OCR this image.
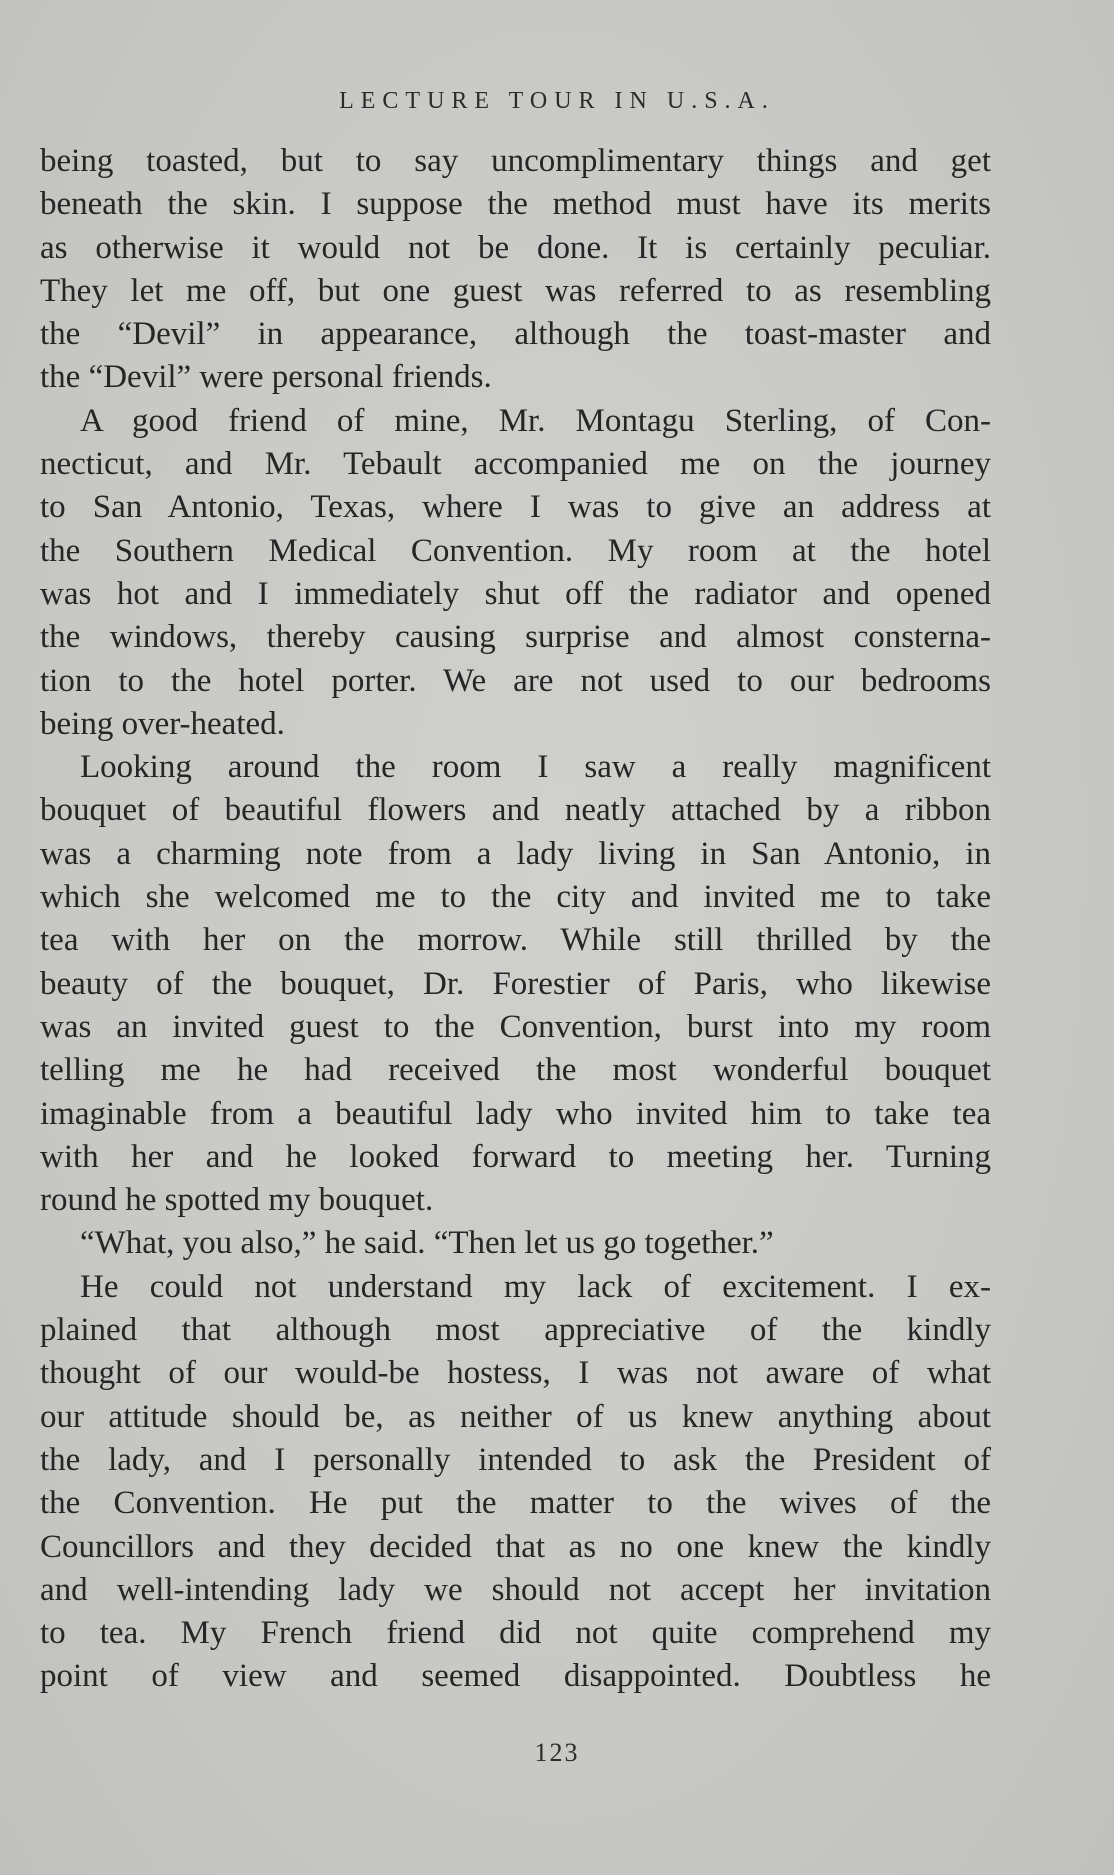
LECTURE TOUR IN U.S.A.
being toasted, but to say uncomplimentary things and get
beneath the skin. I suppose the method must have its merits
as otherwise it would not be done. It is certainly peculiar.
They let me off, but one guest was referred to as resembling
the “Devil” in appearance, although the toast-master and
the “Devil” were personal friends.
A good friend of mine, Mr. Montagu Sterling, of Con-
necticut, and Mr. Tebault accompanied me on the journey
to San Antonio, Texas, where I was to give an address at
the Southern Medical Convention. My room at the hotel
was hot and I immediately shut off the radiator and opened
the windows, thereby causing surprise and almost consterna-
tion to the hotel porter. We are not used to our bedrooms
being over-heated.
Looking around the room I saw a really magnificent
bouquet of beautiful flowers and neatly attached by a ribbon
was a charming note from a lady living in San Antonio, in
which she welcomed me to the city and invited me to take
tea with her on the morrow. While still thrilled by the
beauty of the bouquet, Dr. Forestier of Paris, who likewise
was an invited guest to the Convention, burst into my room
telling me he had received the most wonderful bouquet
imaginable from a beautiful lady who invited him to take tea
with her and he looked forward to meeting her. Turning
round he spotted my bouquet.
“What, you also,” he said. “Then let us go together.”
He could not understand my lack of excitement. I ex-
plained that although most appreciative of the kindly
thought of our would-be hostess, I was not aware of what
our attitude should be, as neither of us knew anything about
the lady, and I personally intended to ask the President of
the Convention. He put the matter to the wives of the
Councillors and they decided that as no one knew the kindly
and well-intending lady we should not accept her invitation
to tea. My French friend did not quite comprehend my
point of view and seemed disappointed. Doubtless he
123
